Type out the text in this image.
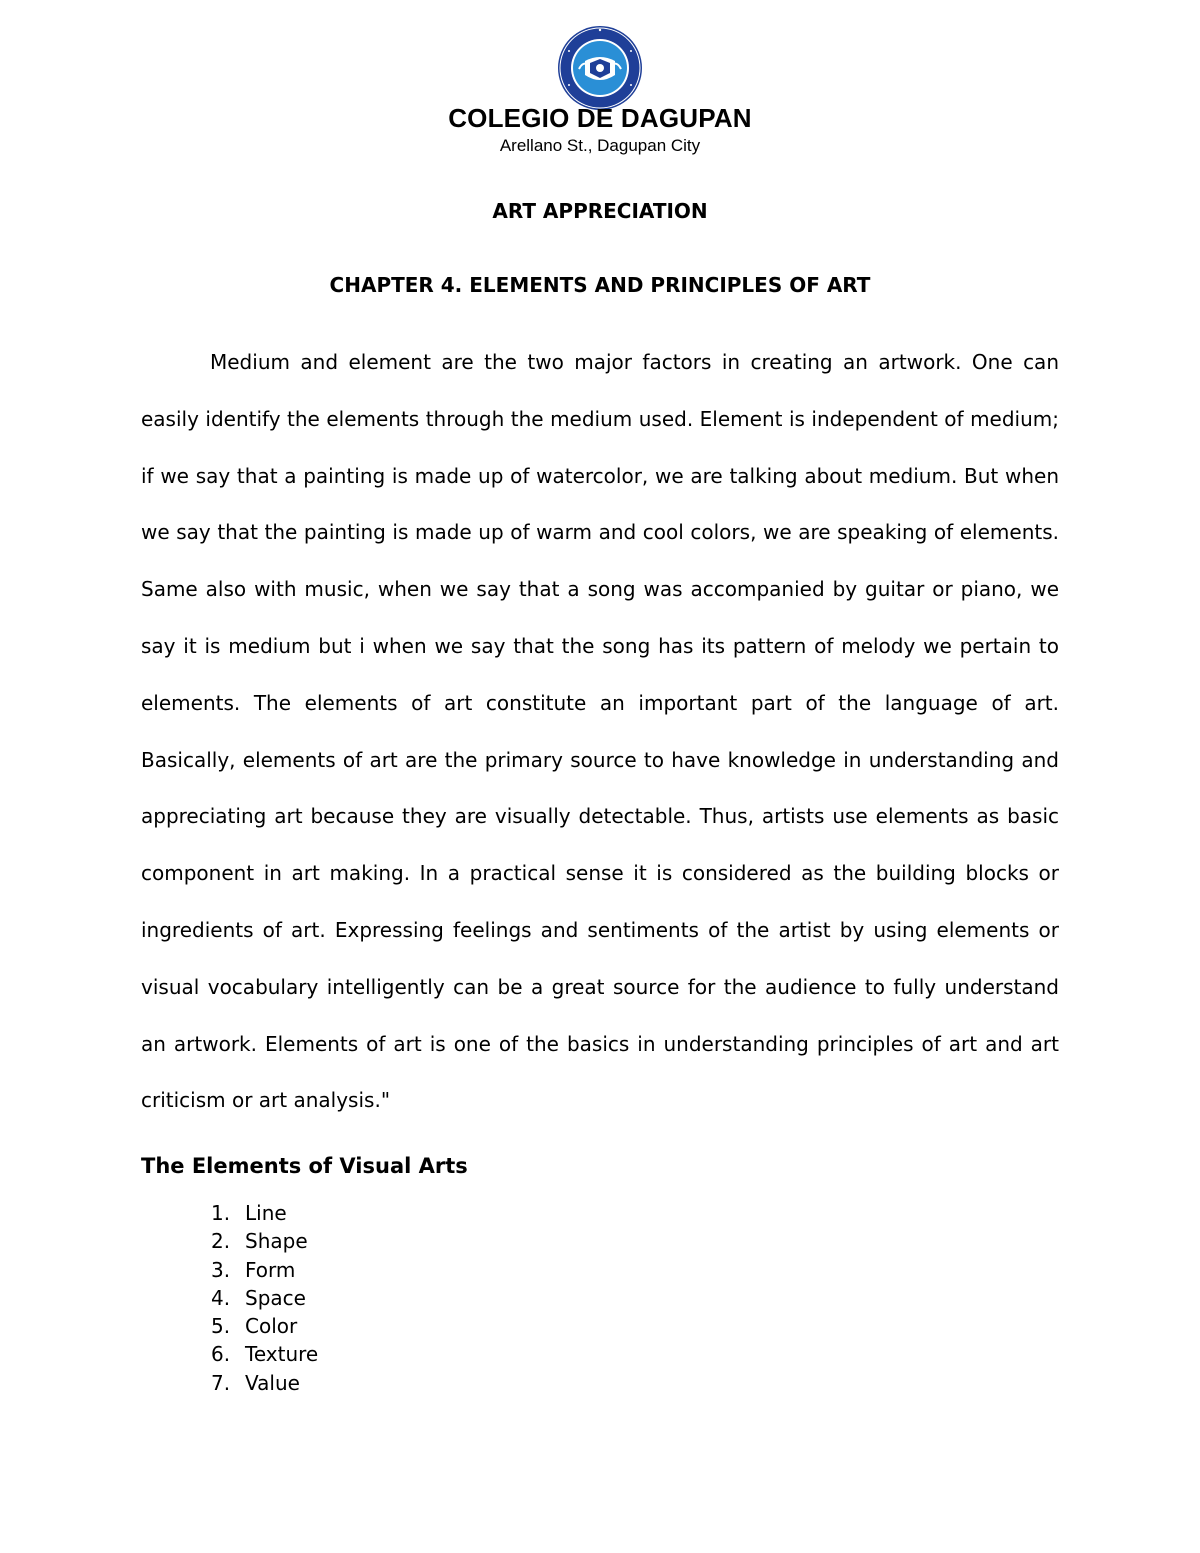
COLEGIO DE DAGUPAN
Arellano St., Dagupan City
ART APPRECIATION
CHAPTER 4. ELEMENTS AND PRINCIPLES OF ART

Medium and element are the two major factors in creating an artwork. One can easily identify the elements through the medium used. Element is independent of medium; if we say that a painting is made up of watercolor, we are talking about medium. But when we say that the painting is made up of warm and cool colors, we are speaking of elements. Same also with music, when we say that a song was accompanied by guitar or piano, we say it is medium but i when we say that the song has its pattern of melody we pertain to elements. The elements of art constitute an important part of the language of art. Basically, elements of art are the primary source to have knowledge in understanding and appreciating art because they are visually detectable. Thus, artists use elements as basic component in art making. In a practical sense it is considered as the building blocks or ingredients of art. Expressing feelings and sentiments of the artist by using elements or visual vocabulary intelligently can be a great source for the audience to fully understand an artwork. Elements of art is one of the basics in understanding principles of art and art criticism or art analysis."

The Elements of Visual Arts
1. Line
2. Shape
3. Form
4. Space
5. Color
6. Texture
7. Value
